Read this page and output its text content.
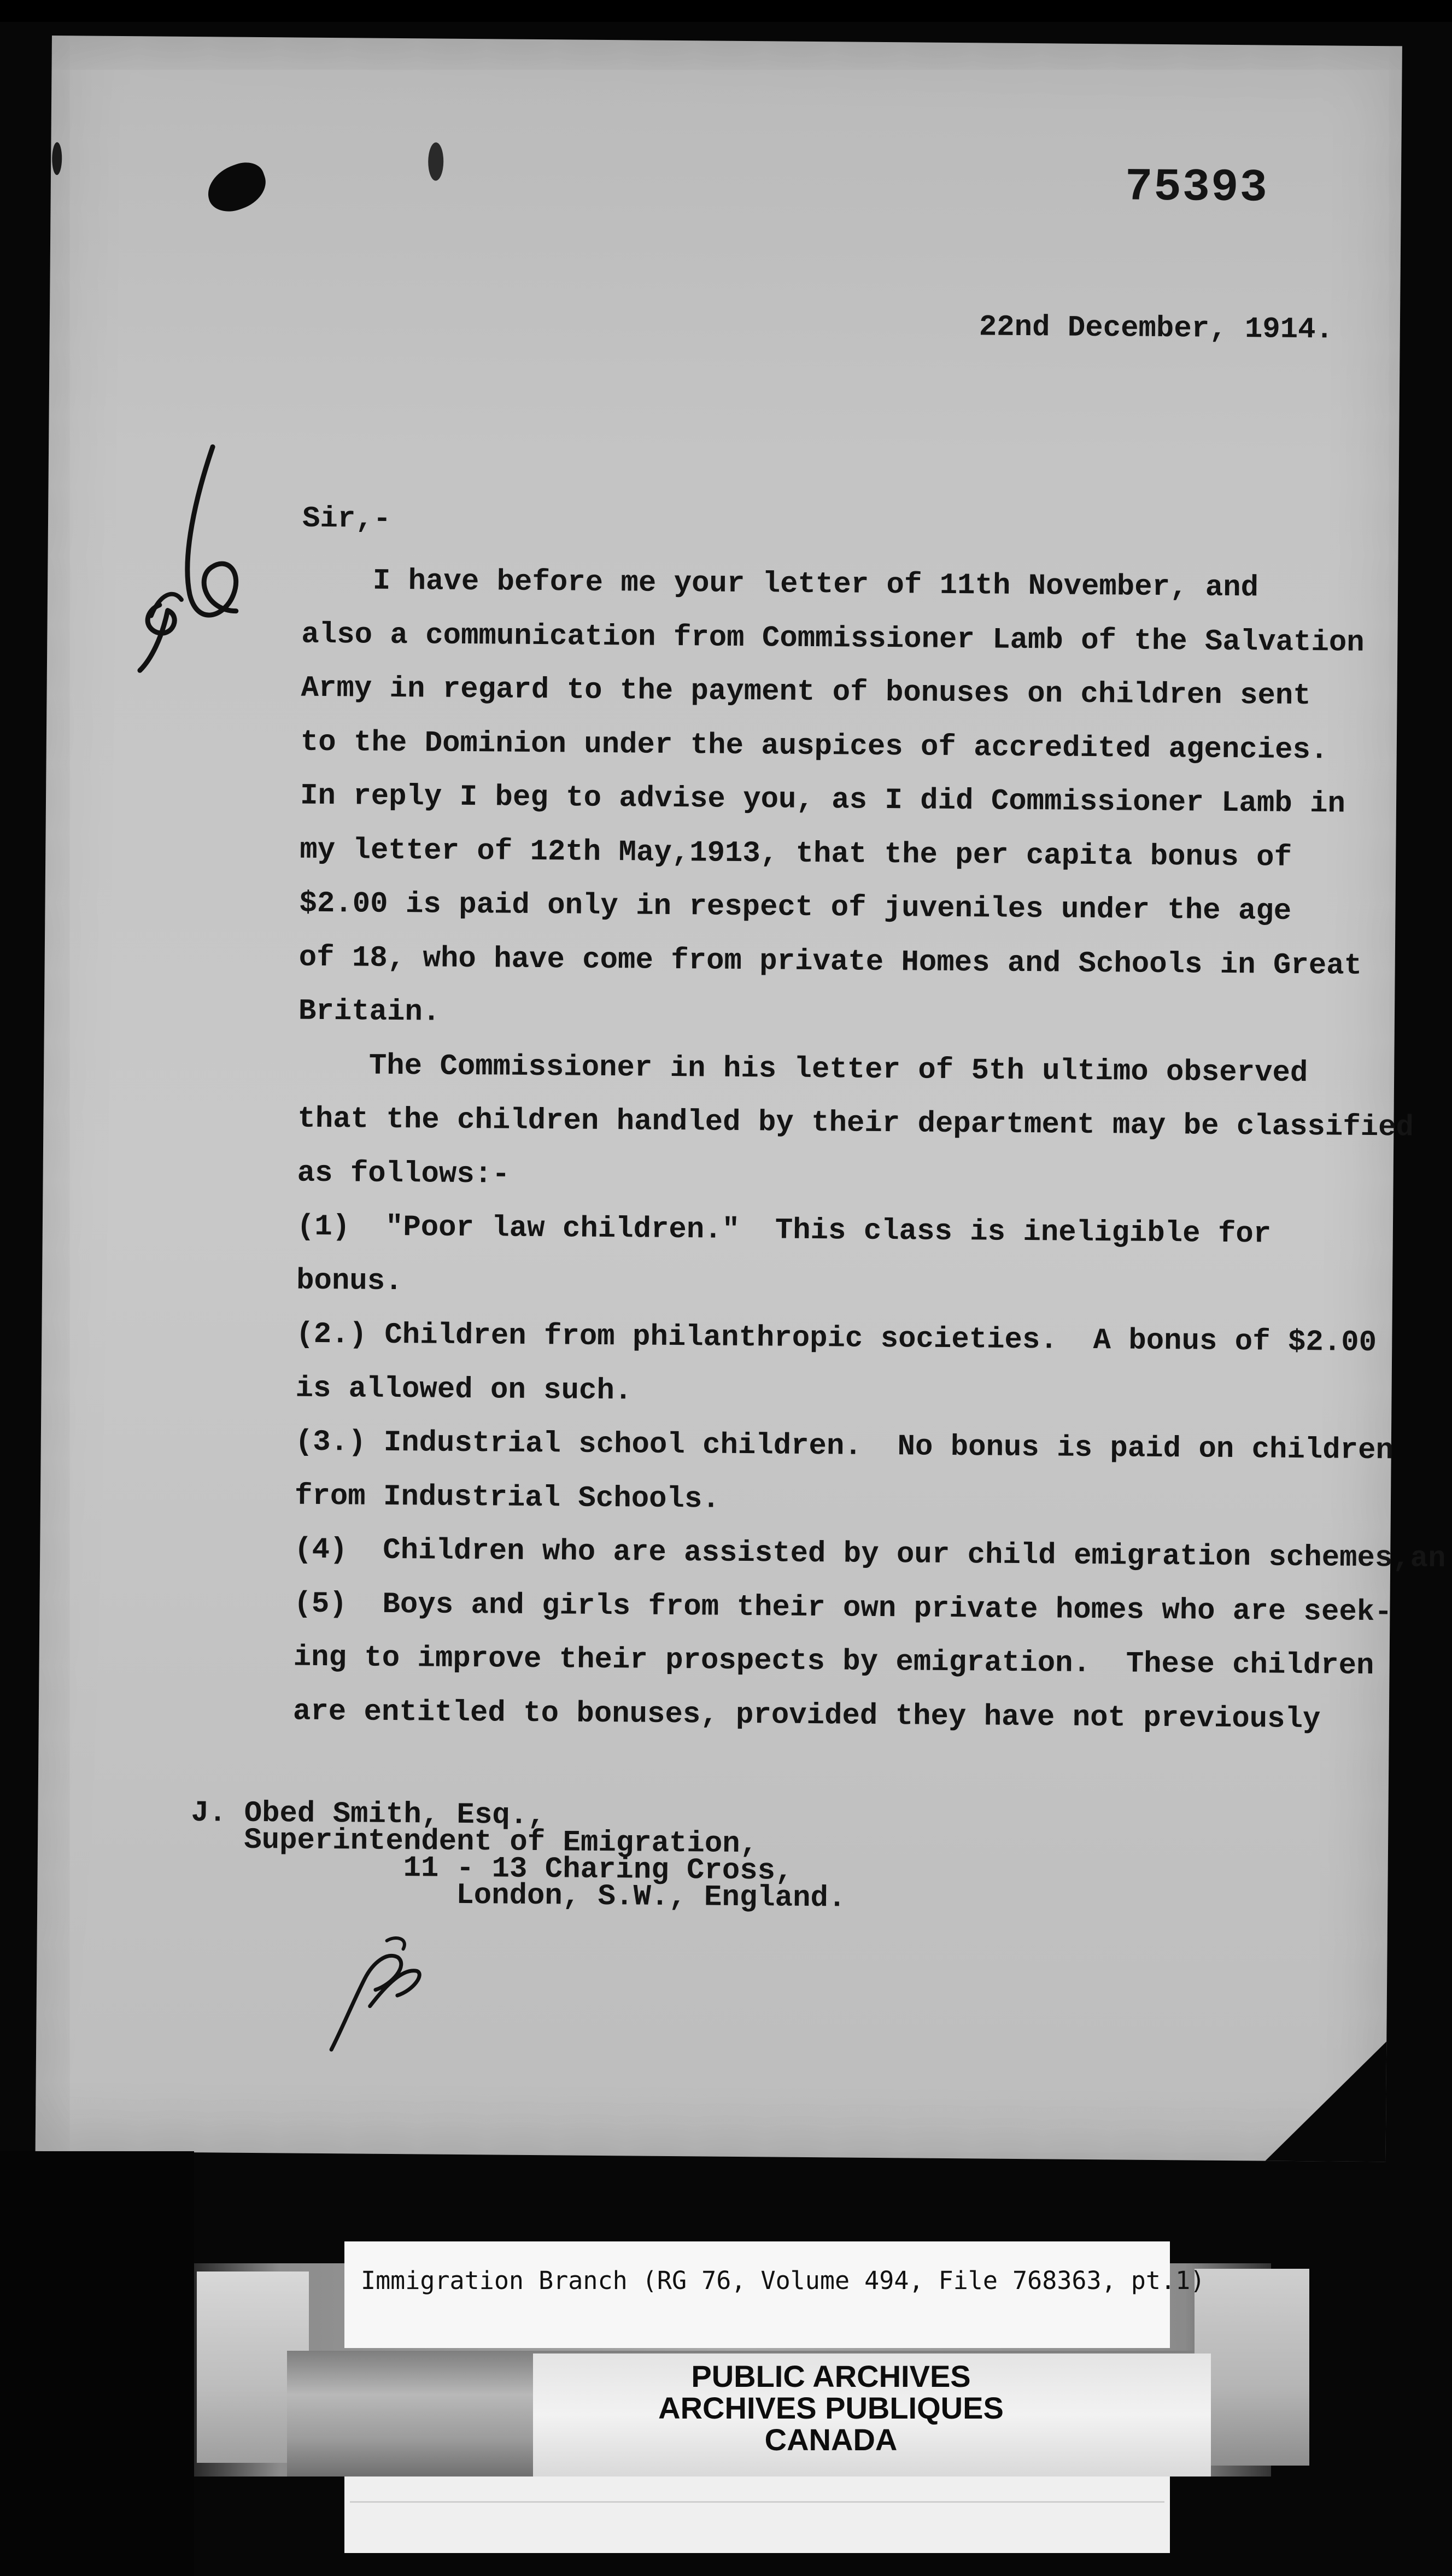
75393
22nd December, 1914.
Sir,-
I have before me your letter of 11th November, and
also a communication from Commissioner Lamb of the Salvation
Army in regard to the payment of bonuses on children sent
to the Dominion under the auspices of accredited agencies.
In reply I beg to advise you, as I did Commissioner Lamb in
my letter of 12th May,1913, that the per capita bonus of
$2.00 is paid only in respect of juveniles under the age
of 18, who have come from private Homes and Schools in Great
Britain.
The Commissioner in his letter of 5th ultimo observed
that the children handled by their department may be classified
as follows:-
(1)  "Poor law children."  This class is ineligible for
bonus.
(2.) Children from philanthropic societies.  A bonus of $2.00
is allowed on such.
(3.) Industrial school children.  No bonus is paid on children
from Industrial Schools.
(4)  Children who are assisted by our child emigration schemes,an
(5)  Boys and girls from their own private homes who are seek-
ing to improve their prospects by emigration.  These children
are entitled to bonuses, provided they have not previously
J. Obed Smith, Esq.,
Superintendent of Emigration,
11 - 13 Charing Cross,
London, S.W., England.
Immigration Branch (RG 76, Volume 494, File 768363, pt.1)
PUBLIC ARCHIVES
ARCHIVES PUBLIQUES
CANADA
